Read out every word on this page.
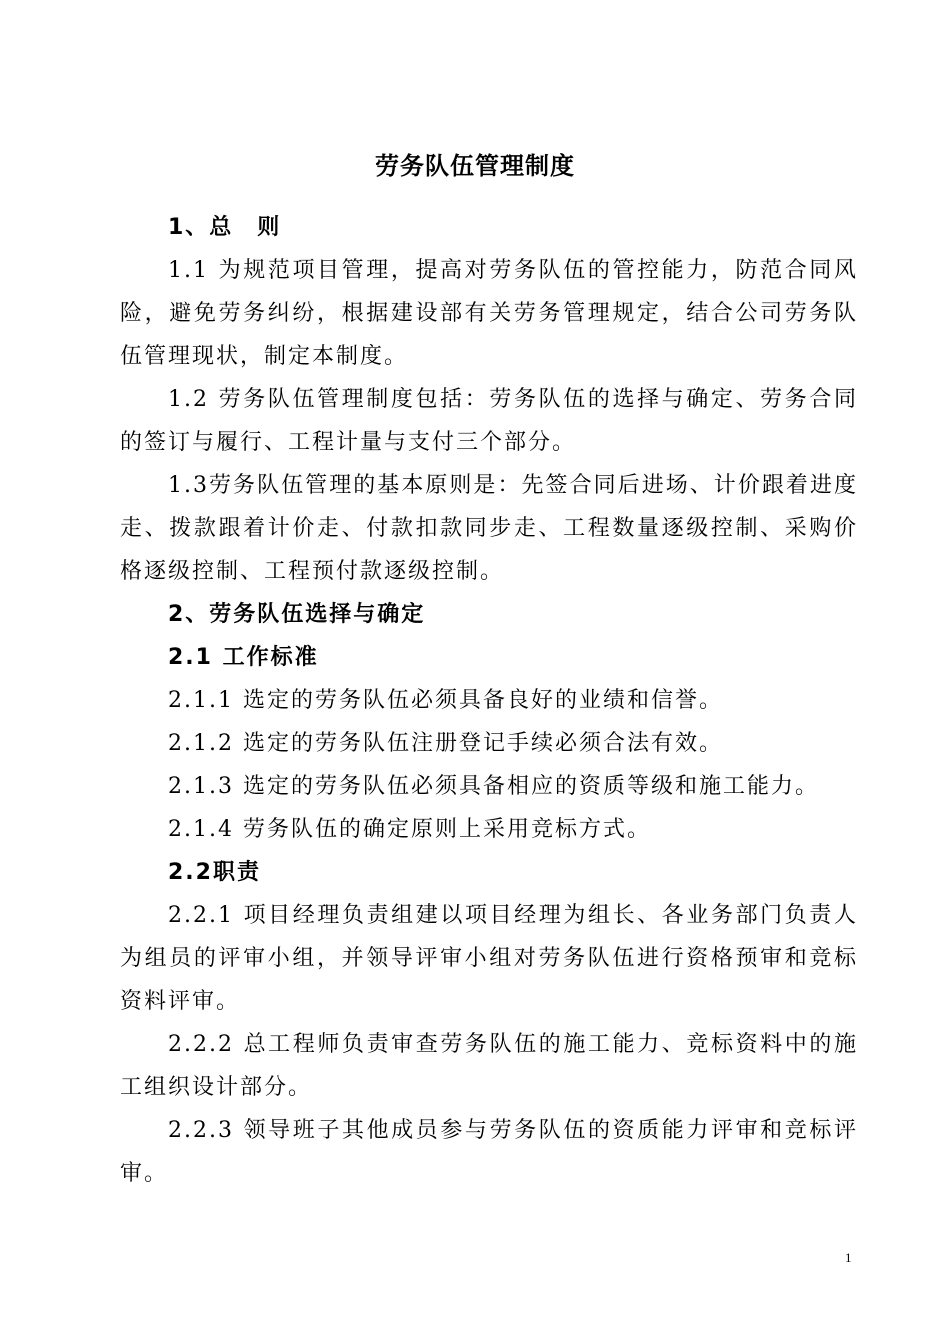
劳务队伍管理制度

1、总　则

1.1 为规范项目管理，提高对劳务队伍的管控能力，防范合同风险，避免劳务纠纷，根据建设部有关劳务管理规定，结合公司劳务队伍管理现状，制定本制度。

1.2 劳务队伍管理制度包括：劳务队伍的选择与确定、劳务合同的签订与履行、工程计量与支付三个部分。

1.3劳务队伍管理的基本原则是：先签合同后进场、计价跟着进度走、拨款跟着计价走、付款扣款同步走、工程数量逐级控制、采购价格逐级控制、工程预付款逐级控制。

2、劳务队伍选择与确定

2.1 工作标准

2.1.1 选定的劳务队伍必须具备良好的业绩和信誉。

2.1.2 选定的劳务队伍注册登记手续必须合法有效。

2.1.3 选定的劳务队伍必须具备相应的资质等级和施工能力。

2.1.4 劳务队伍的确定原则上采用竞标方式。

2.2职责

2.2.1 项目经理负责组建以项目经理为组长、各业务部门负责人为组员的评审小组，并领导评审小组对劳务队伍进行资格预审和竞标资料评审。

2.2.2 总工程师负责审查劳务队伍的施工能力、竞标资料中的施工组织设计部分。

2.2.3 领导班子其他成员参与劳务队伍的资质能力评审和竞标评审。

1
